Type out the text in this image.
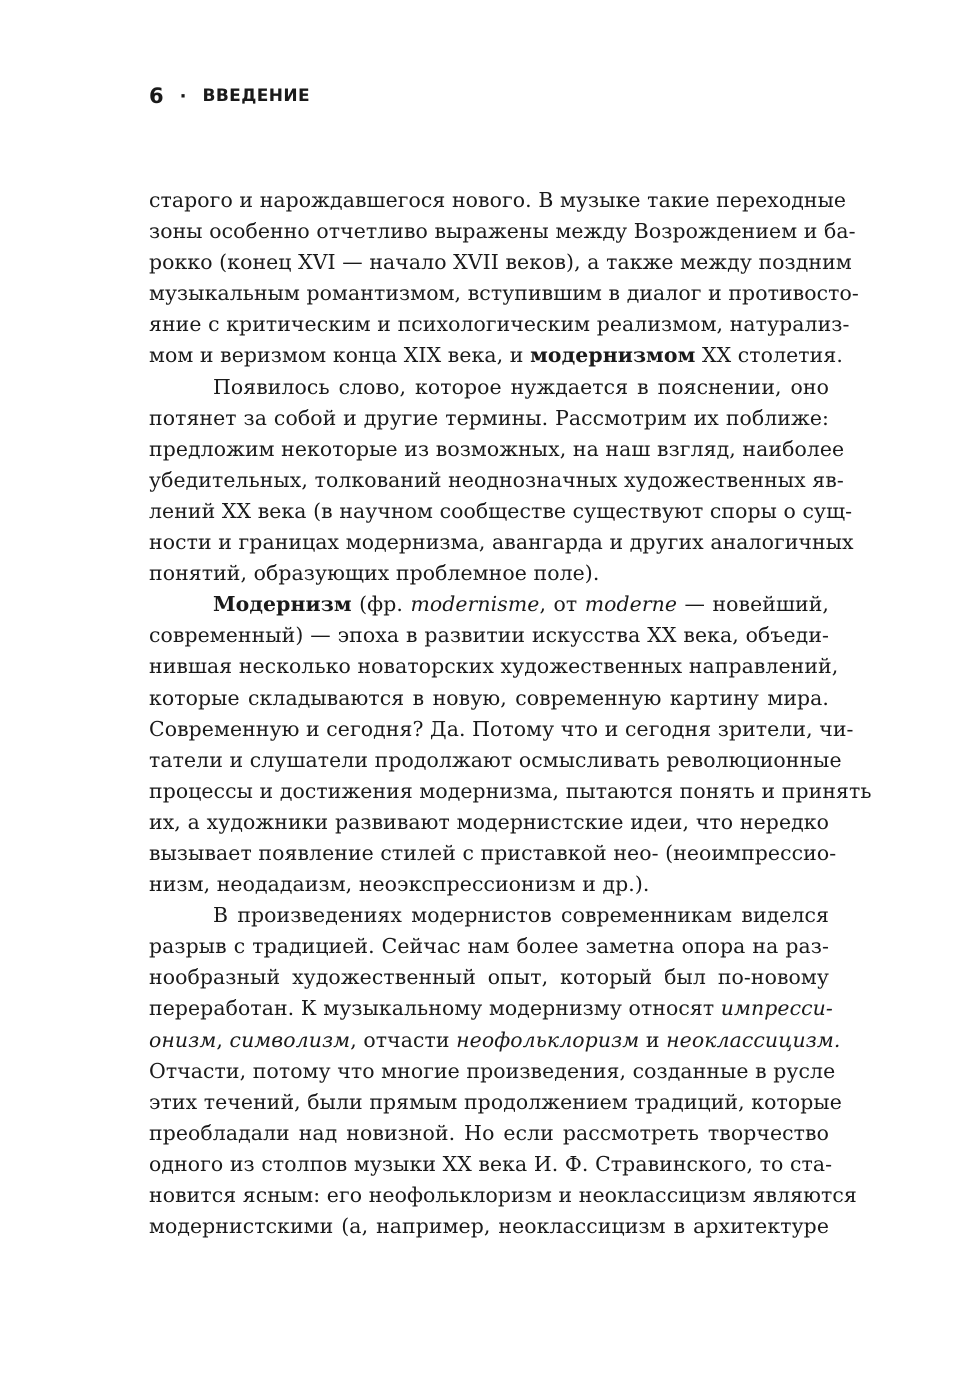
6 · ВВЕДЕНИЕ
старого и нарождавшегося нового. В музыке такие переходные
зоны особенно отчетливо выражены между Возрождением и ба-
рокко (конец XVI — начало XVII веков), а также между поздним
музыкальным романтизмом, вступившим в диалог и противосто-
яние с критическим и психологическим реализмом, натурализ-
мом и веризмом конца XIX века, и модернизмом XX столетия.
Появилось слово, которое нуждается в пояснении, оно
потянет за собой и другие термины. Рассмотрим их поближе:
предложим некоторые из возможных, на наш взгляд, наиболее
убедительных, толкований неоднозначных художественных яв-
лений XX века (в научном сообществе существуют споры о сущ-
ности и границах модернизма, авангарда и других аналогичных
понятий, образующих проблемное поле).
Модернизм (фр. modernisme, от moderne — новейший,
современный) — эпоха в развитии искусства XX века, объеди-
нившая несколько новаторских художественных направлений,
которые складываются в новую, современную картину мира.
Современную и сегодня? Да. Потому что и сегодня зрители, чи-
татели и слушатели продолжают осмысливать революционные
процессы и достижения модернизма, пытаются понять и принять
их, а художники развивают модернистские идеи, что нередко
вызывает появление стилей с приставкой нео- (неоимпрессио-
низм, неодадаизм, неоэкспрессионизм и др.).
В произведениях модернистов современникам виделся
разрыв с традицией. Сейчас нам более заметна опора на раз-
нообразный художественный опыт, который был по-новому
переработан. К музыкальному модернизму относят импресси-
онизм, символизм, отчасти неофольклоризм и неоклассицизм.
Отчасти, потому что многие произведения, созданные в русле
этих течений, были прямым продолжением традиций, которые
преобладали над новизной. Но если рассмотреть творчество
одного из столпов музыки XX века И. Ф. Стравинского, то ста-
новится ясным: его неофольклоризм и неоклассицизм являются
модернистскими (а, например, неоклассицизм в архитектуре
